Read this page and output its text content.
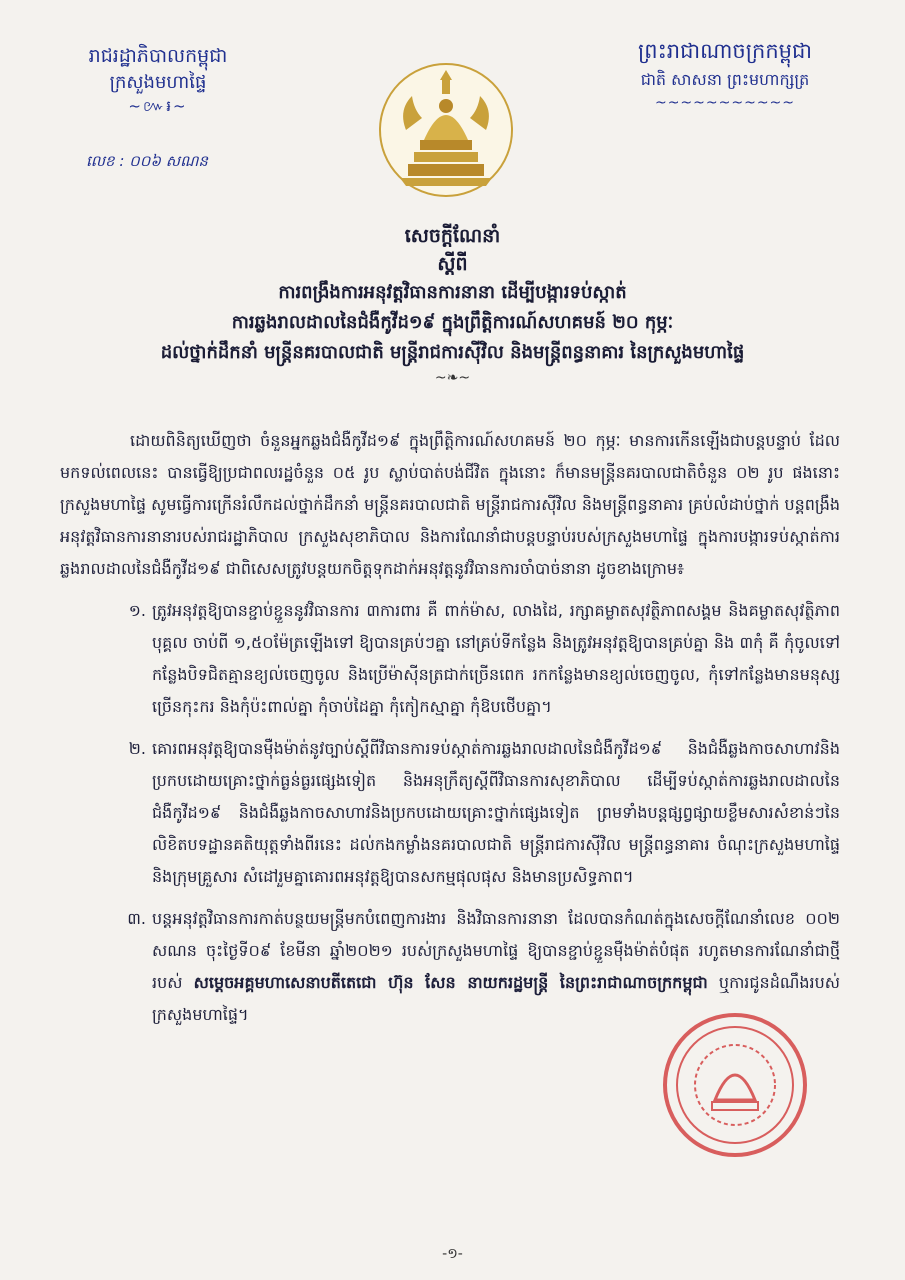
រាជរដ្ឋាភិបាលកម្ពុជា
ក្រសួងមហាផ្ទៃ
~៚៛~
លេខ : ០០៦ សណន
ព្រះរាជាណាចក្រកម្ពុជា
ជាតិ សាសនា ព្រះមហាក្សត្រ
~~~~~~~~~~~
សេចក្ដីណែនាំ
ស្ដីពី
ការពង្រឹងការអនុវត្តវិធានការនានា ដើម្បីបង្ការទប់ស្កាត់
ការឆ្លងរាលដាលនៃជំងឺកូវីដ១៩ ក្នុងព្រឹត្តិការណ៍សហគមន៍ ២០ កុម្ភៈ
ដល់ថ្នាក់ដឹកនាំ មន្ត្រីនគរបាលជាតិ មន្ត្រីរាជការស៊ីវិល និងមន្ត្រីពន្ធនាគារ នៃក្រសួងមហាផ្ទៃ
~❧~

ដោយពិនិត្យឃើញថា ចំនួនអ្នកឆ្លងជំងឺកូវីដ១៩ ក្នុងព្រឹត្តិការណ៍សហគមន៍ ២០ កុម្ភៈ មានការកើនឡើងជាបន្តបន្ទាប់ ដែលមកទល់ពេលនេះ បានធ្វើឱ្យប្រជាពលរដ្ឋចំនួន ០៥ រូប ស្លាប់បាត់បង់ជីវិត ក្នុងនោះ ក៏មានមន្ត្រីនគរបាលជាតិចំនួន ០២ រូប ផងនោះ ក្រសួងមហាផ្ទៃ សូមធ្វើការក្រើនរំលឹកដល់ថ្នាក់ដឹកនាំ មន្ត្រីនគរបាលជាតិ មន្ត្រីរាជការស៊ីវិល និងមន្ត្រីពន្ធនាគារ គ្រប់លំដាប់ថ្នាក់ បន្តពង្រឹងអនុវត្តវិធានការនានារបស់រាជរដ្ឋាភិបាល ក្រសួងសុខាភិបាល និងការណែនាំជាបន្តបន្ទាប់របស់ក្រសួងមហាផ្ទៃ ក្នុងការបង្ការទប់ស្កាត់ការឆ្លងរាលដាលនៃជំងឺកូវីដ១៩ ជាពិសេសត្រូវបន្តយកចិត្តទុកដាក់អនុវត្តនូវវិធានការចាំបាច់នានា ដូចខាងក្រោម៖

១. ត្រូវអនុវត្តឱ្យបានខ្ជាប់ខ្ជួននូវវិធានការ ៣ការពារ គឺ ពាក់ម៉ាស, លាងដៃ, រក្សាគម្លាតសុវត្ថិភាពសង្គម និងគម្លាតសុវត្ថិភាពបុគ្គល ចាប់ពី ១,៥០ម៉ែត្រឡើងទៅ ឱ្យបានគ្រប់ៗគ្នា នៅគ្រប់ទីកន្លែង និងត្រូវអនុវត្តឱ្យបានគ្រប់គ្នា និង ៣កុំ គឺ កុំចូលទៅកន្លែងបិទជិតគ្មានខ្យល់ចេញចូល និងប្រើម៉ាស៊ីនត្រជាក់ច្រើនពេក រកកន្លែងមានខ្យល់ចេញចូល, កុំទៅកន្លែងមានមនុស្សច្រើនកុះករ និងកុំប៉ះពាល់គ្នា កុំចាប់ដៃគ្នា កុំកៀកស្មាគ្នា កុំឱបថើបគ្នា។
២. គោរពអនុវត្តឱ្យបានម៉ឺងម៉ាត់នូវច្បាប់ស្ដីពីវិធានការទប់ស្កាត់ការឆ្លងរាលដាលនៃជំងឺកូវីដ១៩ និងជំងឺឆ្លងកាចសាហាវនិងប្រកបដោយគ្រោះថ្នាក់ធ្ងន់ធ្ងរផ្សេងទៀត និងអនុក្រឹត្យស្ដីពីវិធានការសុខាភិបាល ដើម្បីទប់ស្កាត់ការឆ្លងរាលដាលនៃជំងឺកូវីដ១៩ និងជំងឺឆ្លងកាចសាហាវនិងប្រកបដោយគ្រោះថ្នាក់ផ្សេងទៀត ព្រមទាំងបន្តផ្សព្វផ្សាយខ្លឹមសារសំខាន់ៗនៃលិខិតបទដ្ឋានគតិយុត្តទាំងពីរនេះ ដល់កងកម្លាំងនគរបាលជាតិ មន្ត្រីរាជការស៊ីវិល មន្ត្រីពន្ធនាគារ ចំណុះក្រសួងមហាផ្ទៃ និងក្រុមគ្រួសារ សំដៅរួមគ្នាគោរពអនុវត្តឱ្យបានសកម្មផុលផុស និងមានប្រសិទ្ធភាព។
៣. បន្តអនុវត្តវិធានការកាត់បន្ថយមន្ត្រីមកបំពេញការងារ និងវិធានការនានា ដែលបានកំណត់ក្នុងសេចក្ដីណែនាំលេខ ០០២ សណន ចុះថ្ងៃទី០៩ ខែមីនា ឆ្នាំ២០២១ របស់ក្រសួងមហាផ្ទៃ ឱ្យបានខ្ជាប់ខ្ជួនម៉ឺងម៉ាត់បំផុត រហូតមានការណែនាំជាថ្មីរបស់ សម្ដេចអគ្គមហាសេនាបតីតេជោ ហ៊ុន សែន នាយករដ្ឋមន្ត្រី នៃព្រះរាជាណាចក្រកម្ពុជា ឬការជូនដំណឹងរបស់ក្រសួងមហាផ្ទៃ។
-១-
